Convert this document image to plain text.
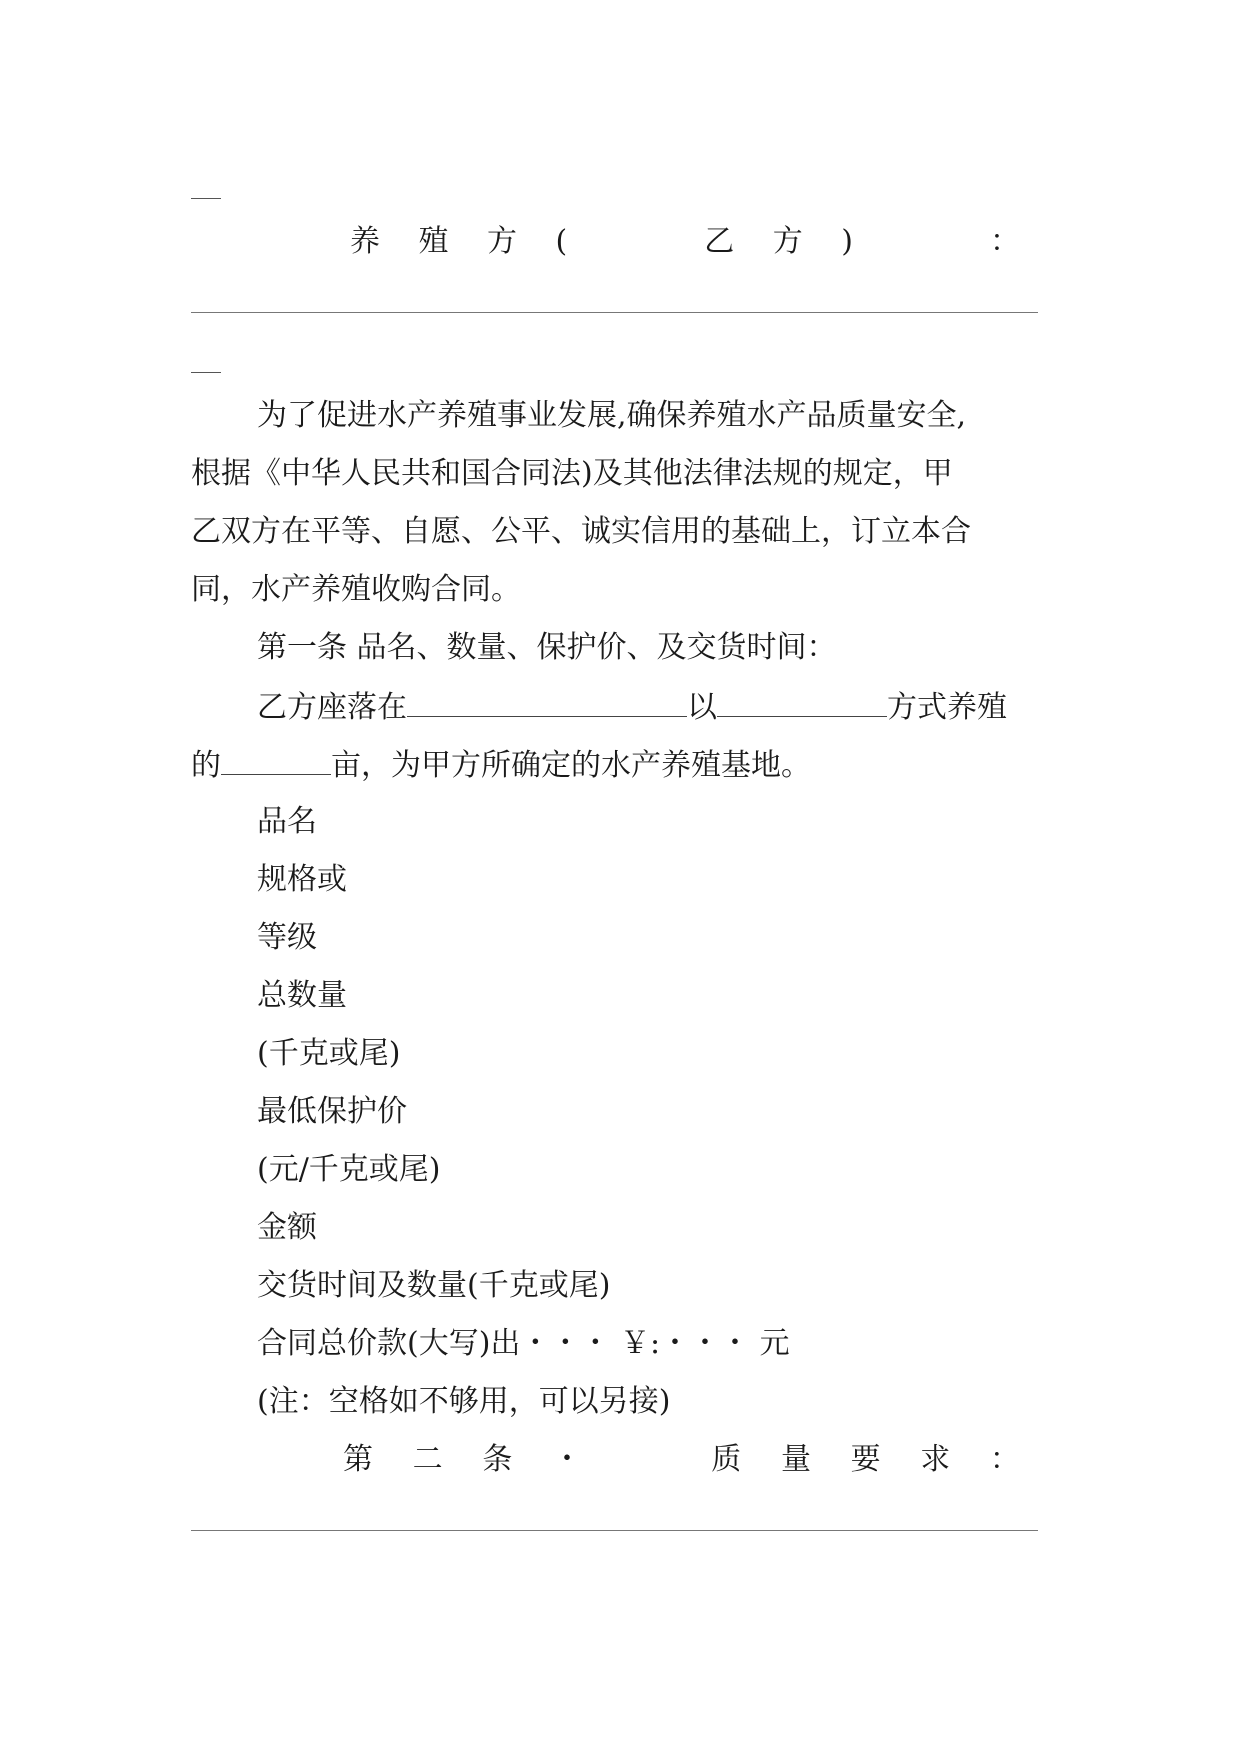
养 殖 方 (	乙 方 )	：
为了促进水产养殖事业发展,确保养殖水产品质量安全,
根据《中华人民共和国合同法)及其他法律法规的规定，甲
乙双方在平等、自愿、公平、诚实信用的基础上，订立本合
同，水产养殖收购合同。
第一条 品名、数量、保护价、及交货时间：
乙方座落在	以	方式养殖
的	亩，为甲方所确定的水产养殖基地。
品名
规格或
等级
总数量
(千克或尾)
最低保护价
(元/千克或尾)
金额
交货时间及数量(千克或尾)
合同总价款(大写)出・・・ ￥:・・・ 元
(注：空格如不够用，可以另接)
第 二 条 ・	质 量 要 求 ：
